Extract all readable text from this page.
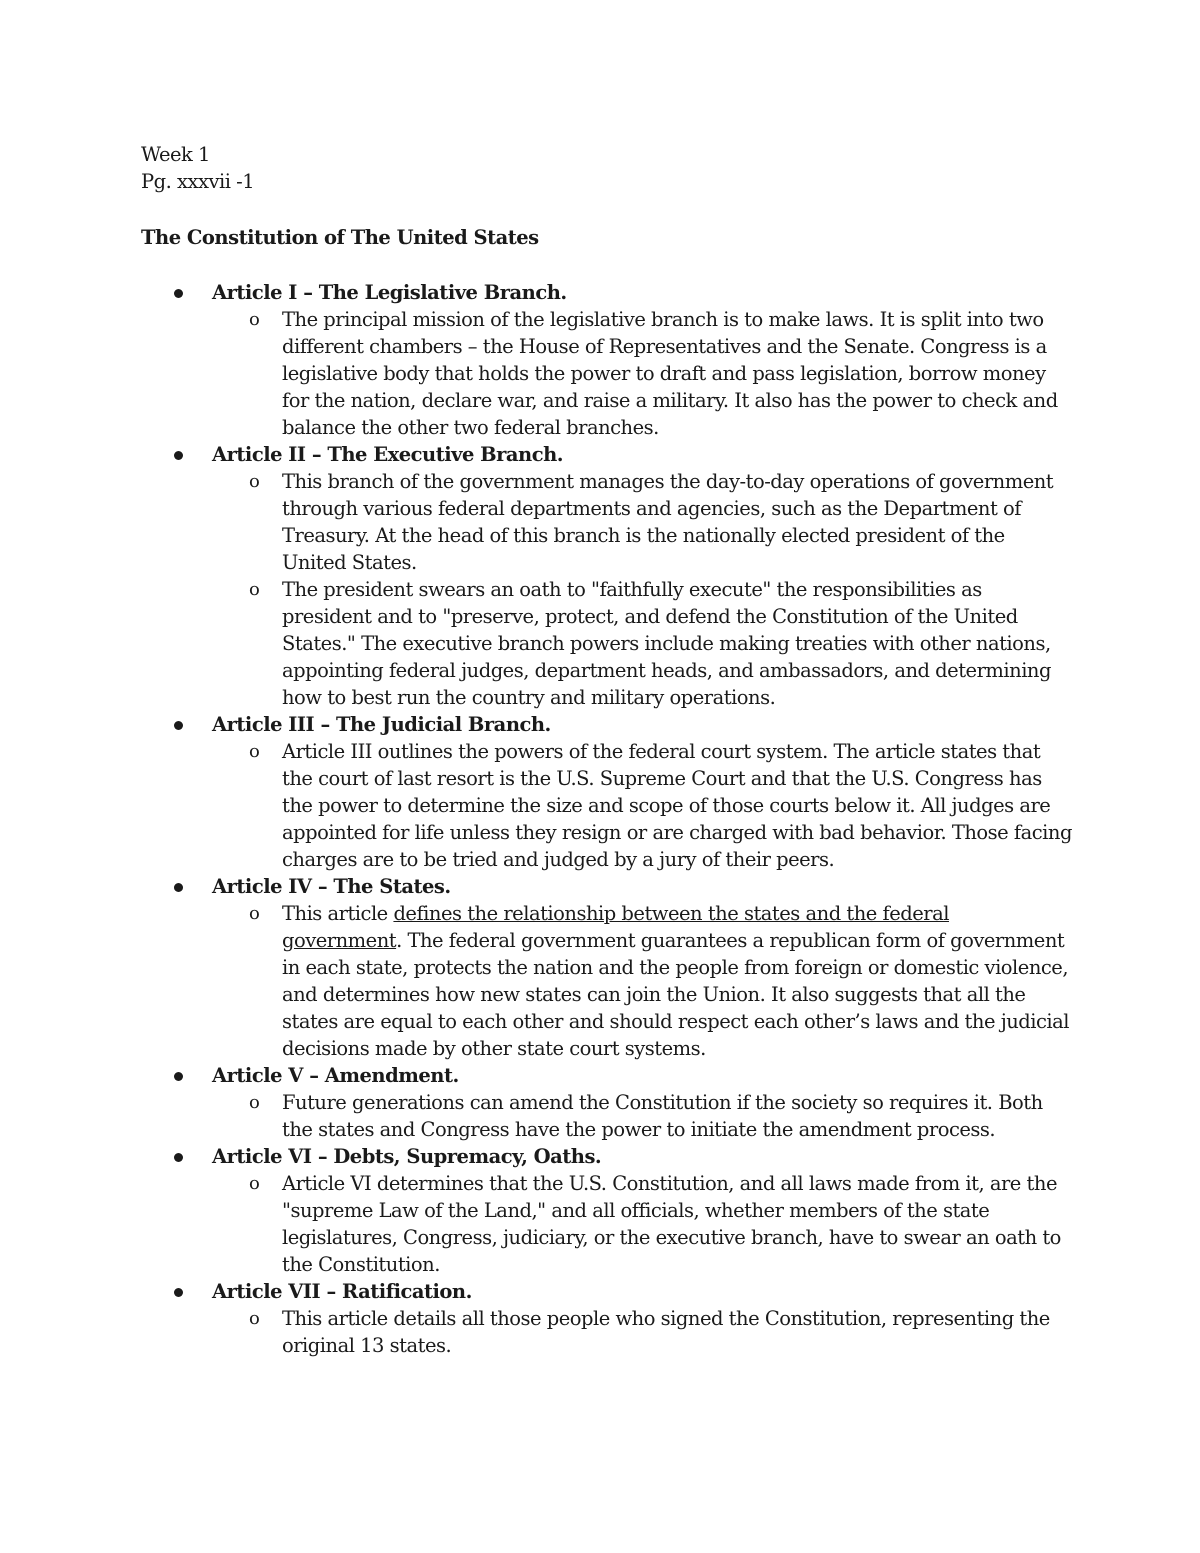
Week 1
Pg. xxxvii -1
The Constitution of The United States
Article I – The Legislative Branch.
o The principal mission of the legislative branch is to make laws. It is split into two different chambers – the House of Representatives and the Senate. Congress is a legislative body that holds the power to draft and pass legislation, borrow money for the nation, declare war, and raise a military. It also has the power to check and balance the other two federal branches.
Article II – The Executive Branch.
o This branch of the government manages the day-to-day operations of government through various federal departments and agencies, such as the Department of Treasury. At the head of this branch is the nationally elected president of the United States.
o The president swears an oath to "faithfully execute" the responsibilities as president and to "preserve, protect, and defend the Constitution of the United States." The executive branch powers include making treaties with other nations, appointing federal judges, department heads, and ambassadors, and determining how to best run the country and military operations.
Article III – The Judicial Branch.
o Article III outlines the powers of the federal court system. The article states that the court of last resort is the U.S. Supreme Court and that the U.S. Congress has the power to determine the size and scope of those courts below it. All judges are appointed for life unless they resign or are charged with bad behavior. Those facing charges are to be tried and judged by a jury of their peers.
Article IV – The States.
o This article defines the relationship between the states and the federal government. The federal government guarantees a republican form of government in each state, protects the nation and the people from foreign or domestic violence, and determines how new states can join the Union. It also suggests that all the states are equal to each other and should respect each other’s laws and the judicial decisions made by other state court systems.
Article V – Amendment.
o Future generations can amend the Constitution if the society so requires it. Both the states and Congress have the power to initiate the amendment process.
Article VI – Debts, Supremacy, Oaths.
o Article VI determines that the U.S. Constitution, and all laws made from it, are the "supreme Law of the Land," and all officials, whether members of the state legislatures, Congress, judiciary, or the executive branch, have to swear an oath to the Constitution.
Article VII – Ratification.
o This article details all those people who signed the Constitution, representing the original 13 states.
